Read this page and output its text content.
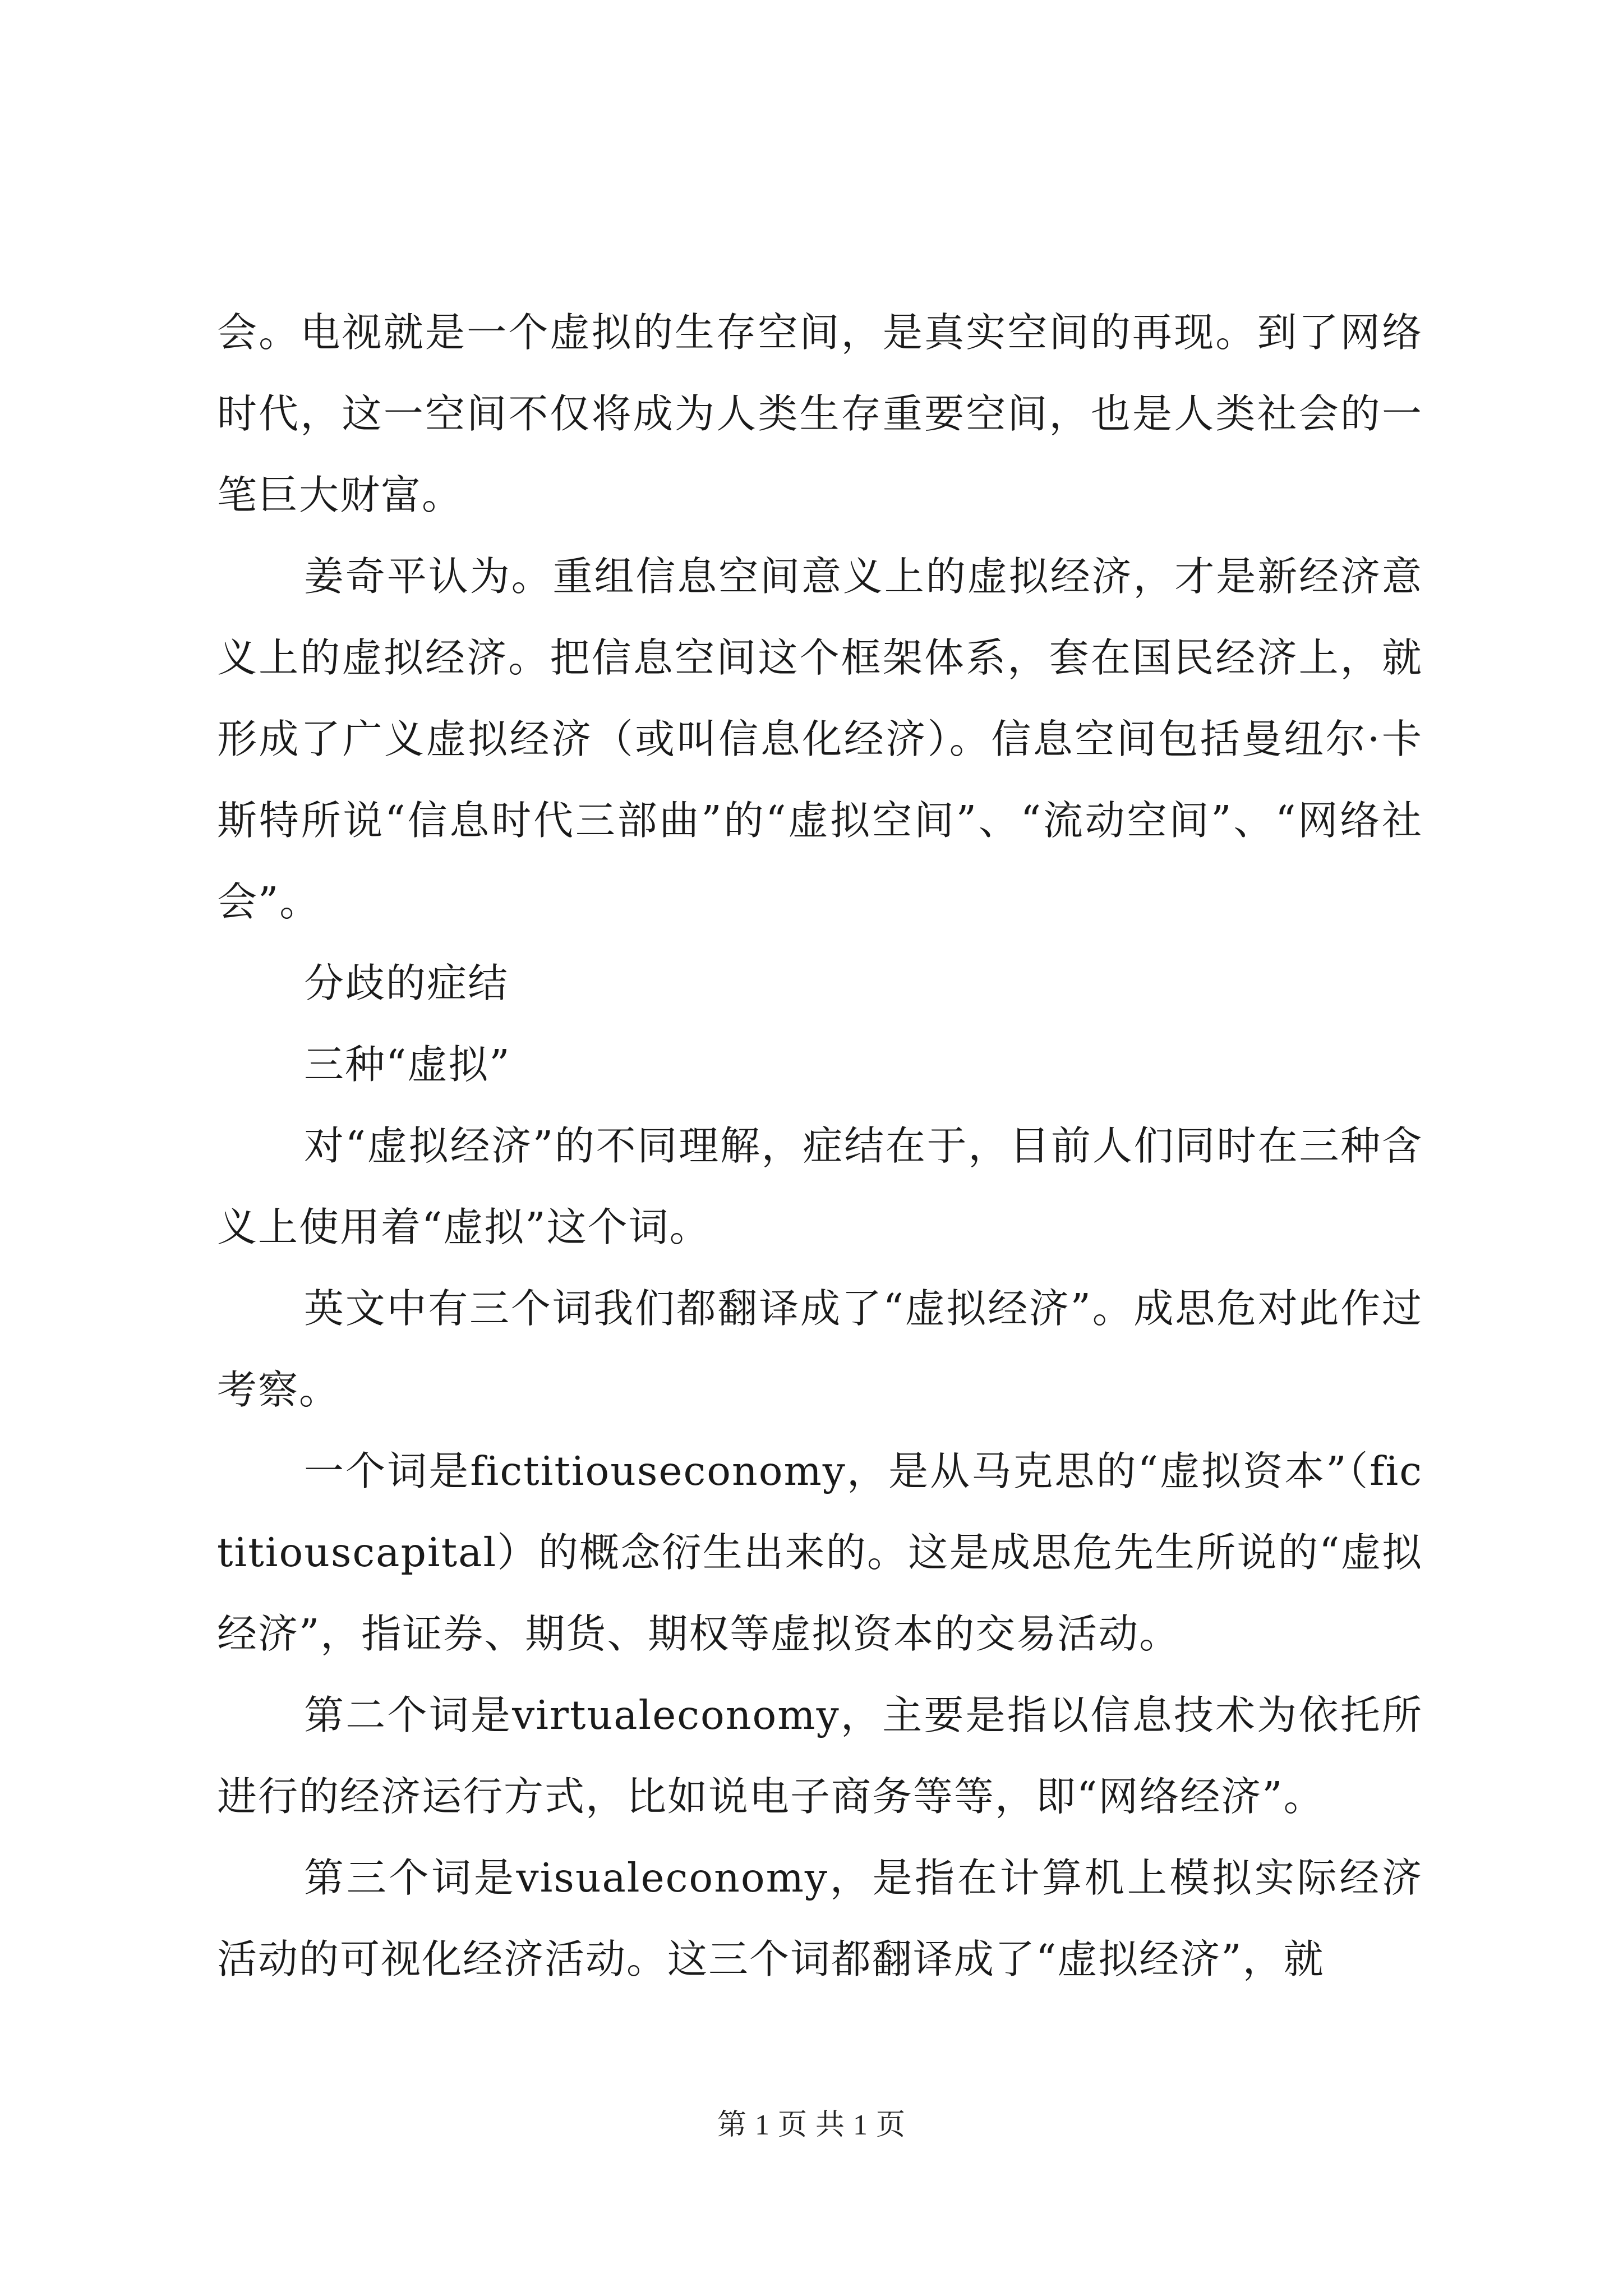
会。电视就是一个虚拟的生存空间，是真实空间的再现。到了网络时代，这一空间不仅将成为人类生存重要空间，也是人类社会的一笔巨大财富。

姜奇平认为。重组信息空间意义上的虚拟经济，才是新经济意义上的虚拟经济。把信息空间这个框架体系，套在国民经济上，就形成了广义虚拟经济（或叫信息化经济）。信息空间包括曼纽尔·卡斯特所说“信息时代三部曲”的“虚拟空间”、“流动空间”、“网络社会”。

分歧的症结

三种“虚拟”

对“虚拟经济”的不同理解，症结在于，目前人们同时在三种含义上使用着“虚拟”这个词。

英文中有三个词我们都翻译成了“虚拟经济”。成思危对此作过考察。

一个词是fictitiouseconomy，是从马克思的“虚拟资本”（fictitiouscapital）的概念衍生出来的。这是成思危先生所说的“虚拟经济”，指证券、期货、期权等虚拟资本的交易活动。

第二个词是virtualeconomy，主要是指以信息技术为依托所进行的经济运行方式，比如说电子商务等等，即“网络经济”。

第三个词是visualeconomy，是指在计算机上模拟实际经济活动的可视化经济活动。这三个词都翻译成了“虚拟经济”，就

第 1 页 共 1 页
